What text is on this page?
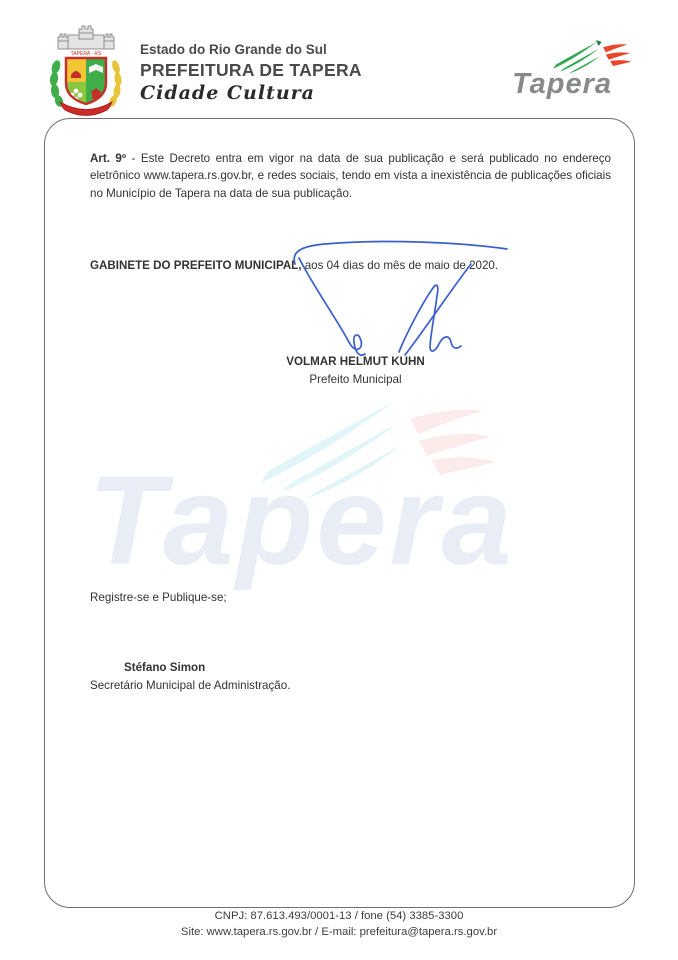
TAPERA - RS	Estado do Rio Grande do Sul
PREFEITURA DE TAPERA
Cidade Cultura	Tapera
Tapera

Art. 9º - Este Decreto entra em vigor na data de sua publicação e será publicado no endereço eletrônico www.tapera.rs.gov.br, e redes sociais, tendo em vista a inexistência de publicações oficiais no Município de Tapera na data de sua publicação.

GABINETE DO PREFEITO MUNICIPAL, aos 04 dias do mês de maio de 2020.

VOLMAR HELMUT KUHN
Prefeito Municipal
Registre-se e Publique-se;
Stéfano Simon
Secretário Municipal de Administração.
CNPJ: 87.613.493/0001-13 / fone (54) 3385-3300
Site: www.tapera.rs.gov.br / E-mail: prefeitura@tapera.rs.gov.br
